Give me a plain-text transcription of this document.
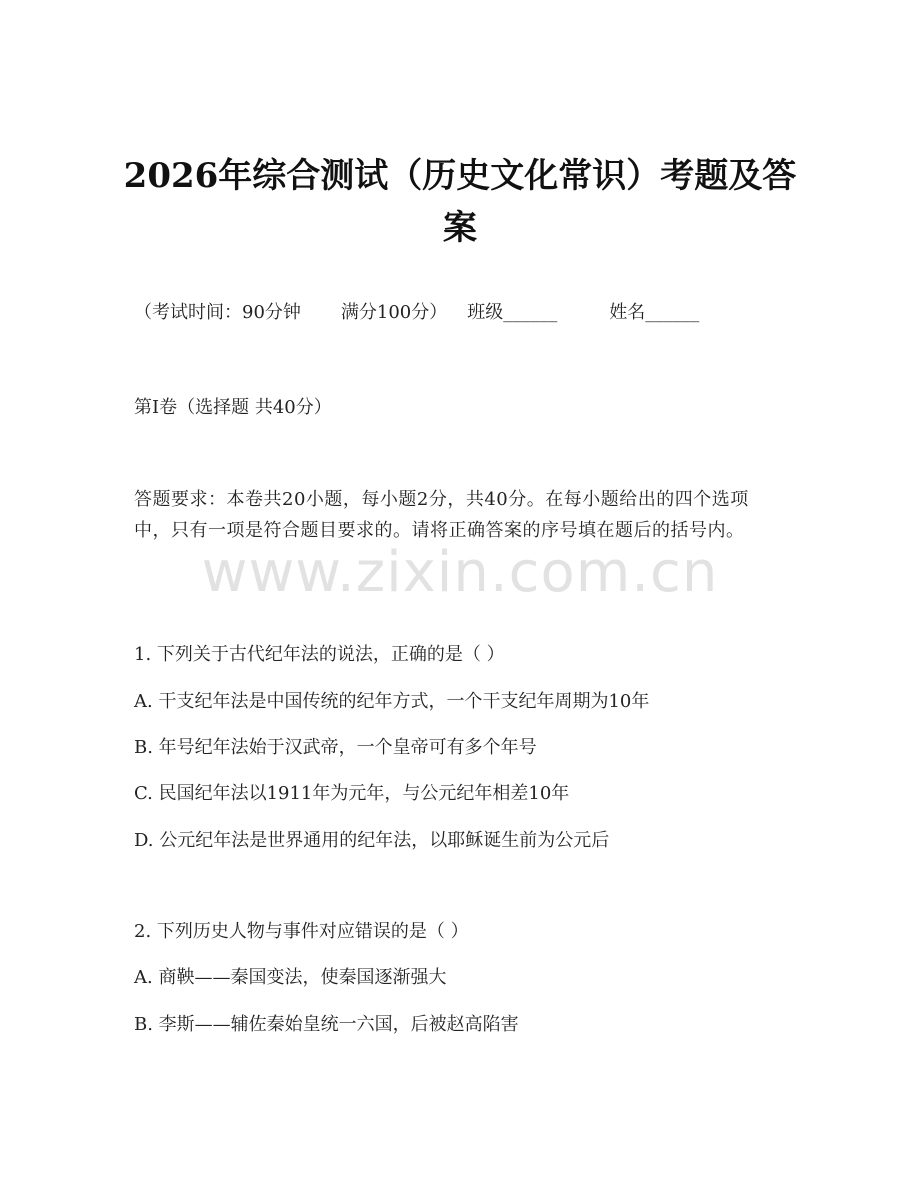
2026年综合测试（历史文化常识）考题及答案
（考试时间：90分钟 满分100分） 班级______	姓名______
第Ⅰ卷（选择题 共40分）
答题要求：本卷共20小题，每小题2分，共40分。在每小题给出的四个选项中，只有一项是符合题目要求的。请将正确答案的序号填在题后的括号内。
www.zixin.com.cn
1. 下列关于古代纪年法的说法，正确的是（ ）
A. 干支纪年法是中国传统的纪年方式，一个干支纪年周期为10年
B. 年号纪年法始于汉武帝，一个皇帝可有多个年号
C. 民国纪年法以1911年为元年，与公元纪年相差10年
D. 公元纪年法是世界通用的纪年法，以耶稣诞生前为公元后
2. 下列历史人物与事件对应错误的是（ ）
A. 商鞅——秦国变法，使秦国逐渐强大
B. 李斯——辅佐秦始皇统一六国，后被赵高陷害
